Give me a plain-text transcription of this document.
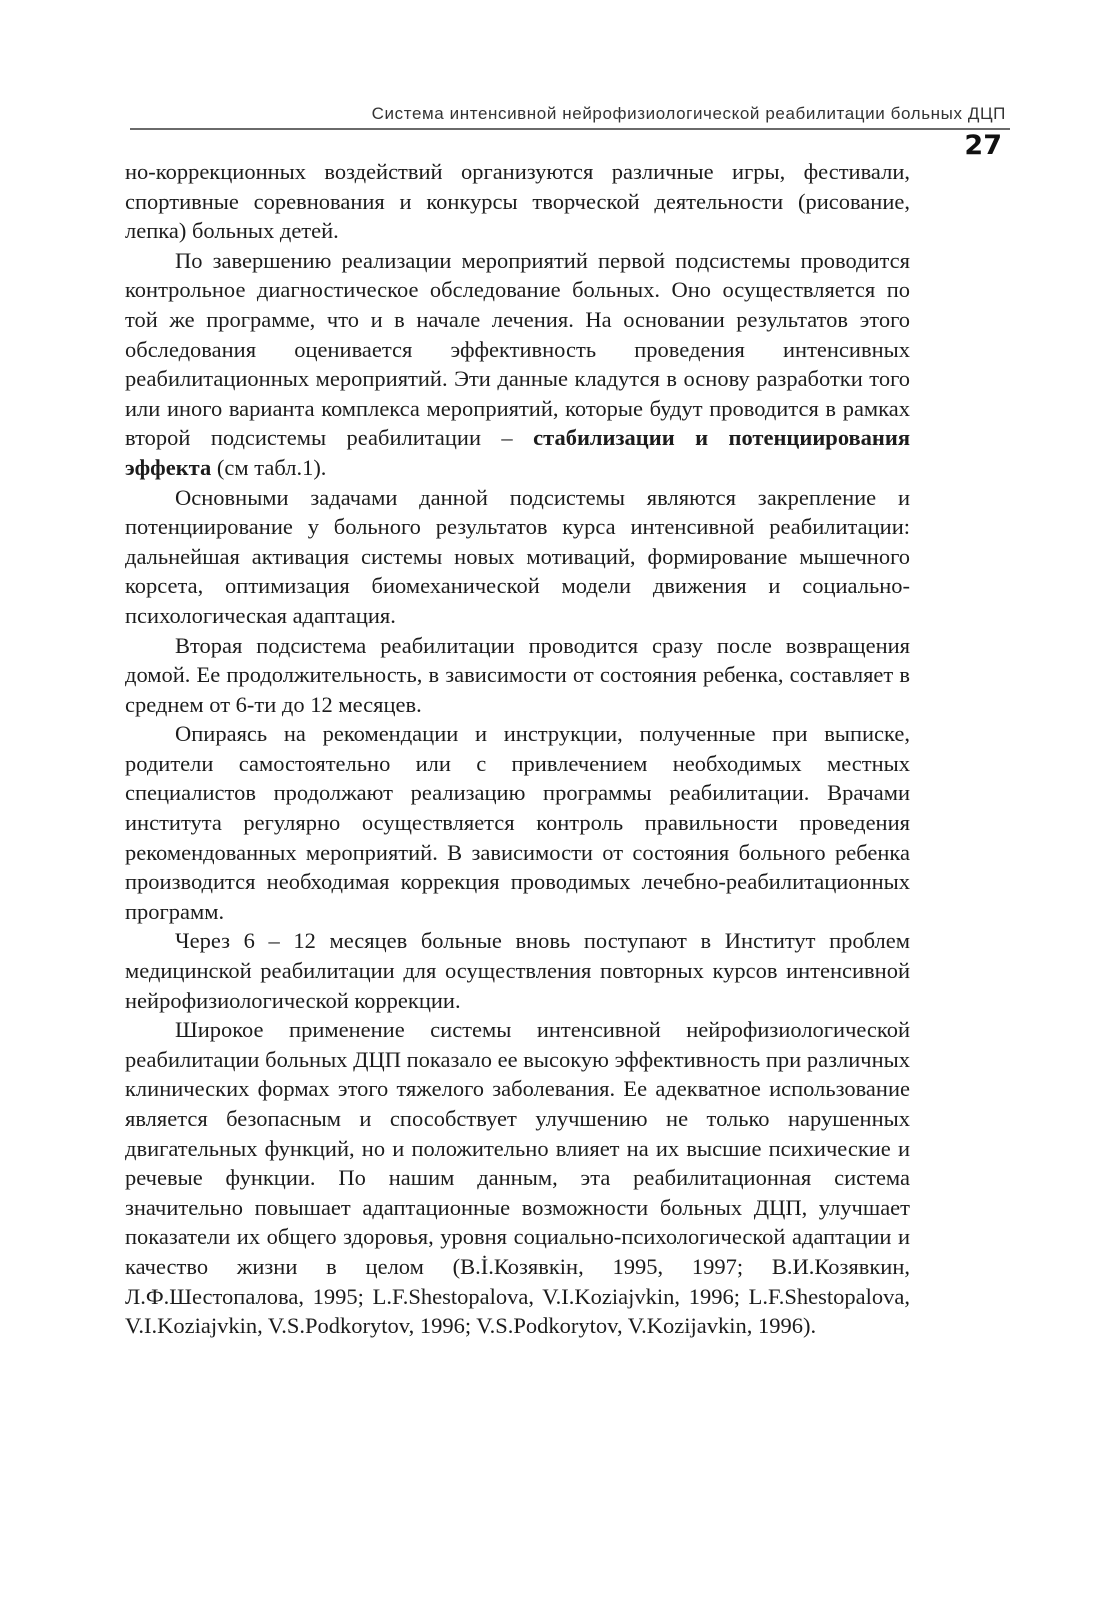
Система интенсивной нейрофизиологической реабилитации больных ДЦП
27

но-коррекционных воздействий организуются различные игры, фестивали, спортивные соревнования и конкурсы творческой деятельности (рисование, лепка) больных детей.

По завершению реализации мероприятий первой подсистемы проводится контрольное диагностическое обследование больных. Оно осуществляется по той же программе, что и в начале лечения. На основании результатов этого обследования оценивается эффективность проведения интенсивных реабилитационных мероприятий. Эти данные кладутся в основу разработки того или иного варианта комплекса мероприятий, которые будут проводится в рамках второй подсистемы реабилитации – стабилизации и потенциирования эффекта (см табл.1).

Основными задачами данной подсистемы являются закрепление и потенциирование у больного результатов курса интенсивной реабилитации: дальнейшая активация системы новых мотиваций, формирование мышечного корсета, оптимизация биомеханической модели движения и социально- психологическая адаптация.

Вторая подсистема реабилитации проводится сразу после возвращения домой. Ее продолжительность, в зависимости от состояния ребенка, составляет в среднем от 6-ти до 12 месяцев.

Опираясь на рекомендации и инструкции, полученные при выписке, родители самостоятельно или с привлечением необходимых местных специалистов продолжают реализацию программы реабилитации. Врачами института регулярно осуществляется контроль правильности проведения рекомендованных мероприятий. В зависимости от состояния больного ребенка производится необходимая коррекция проводимых лечебно-реабилитационных программ.

Через 6 – 12 месяцев больные вновь поступают в Институт проблем медицинской реабилитации для осуществления повторных курсов интенсивной нейрофизиологической коррекции.

Широкое применение системы интенсивной нейрофизиологической реабилитации больных ДЦП показало ее высокую эффективность при различных клинических формах этого тяжелого заболевания. Ее адекватное использование является безопасным и способствует улучшению не только нарушенных двигательных функций, но и положительно влияет на их высшие психические и речевые функции. По нашим данным, эта реабилитационная система значительно повышает адаптационные возможности больных ДЦП, улучшает показатели их общего здоровья, уровня социально-психологической адаптации и качество жизни в целом (В.İ.Козявкін, 1995, 1997; В.И.Козявкин, Л.Ф.Шестопалова, 1995; L.F.Shestopalova, V.I.Koziajvkin, 1996; L.F.Shestopalova, V.I.Koziajvkin, V.S.Podkorytov, 1996; V.S.Podkorytov, V.Kozijavkin, 1996).
